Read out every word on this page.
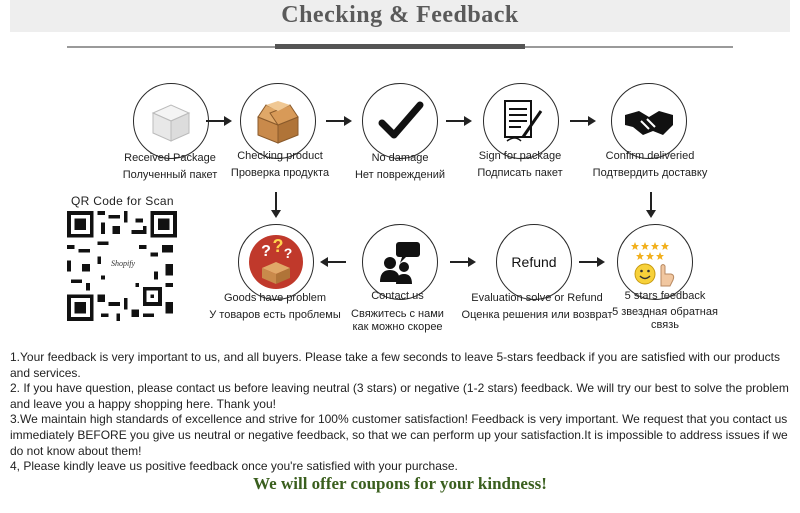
Checking & Feedback
Received Package
Полученный пакет
Checking product
Проверка продукта
No damage
Нет повреждений
Sign for package
Подписать пакет
Confirm deliveried
Подтвердить доставку
QR Code for Scan
Shopify
? ? ?
Refund
Goods have problem
У товаров есть проблемы
Contact us
Свяжитесь с нами как можно скорее
Evaluation solve or Refund
Оценка решения или возврат
5 stars feedback
5 звездная обратная связь

1.Your feedback is very important to us, and all buyers. Please take a few seconds to leave 5-stars feedback if you are satisfied with our products and services.

2. If you have question, please contact us before leaving neutral (3 stars) or negative (1-2 stars) feedback. We will try our best to solve the problem and leave you a happy shopping here. Thank you!

3.We maintain high standards of excellence and strive for 100% customer satisfaction! Feedback is very important. We request that you contact us immediately BEFORE you give us neutral or negative feedback, so that we can perform up your satisfaction.It is impossible to address issues if we do not know about them!

4, Please kindly leave us positive feedback once you're satisfied with your purchase.

We will offer coupons for your kindness!
